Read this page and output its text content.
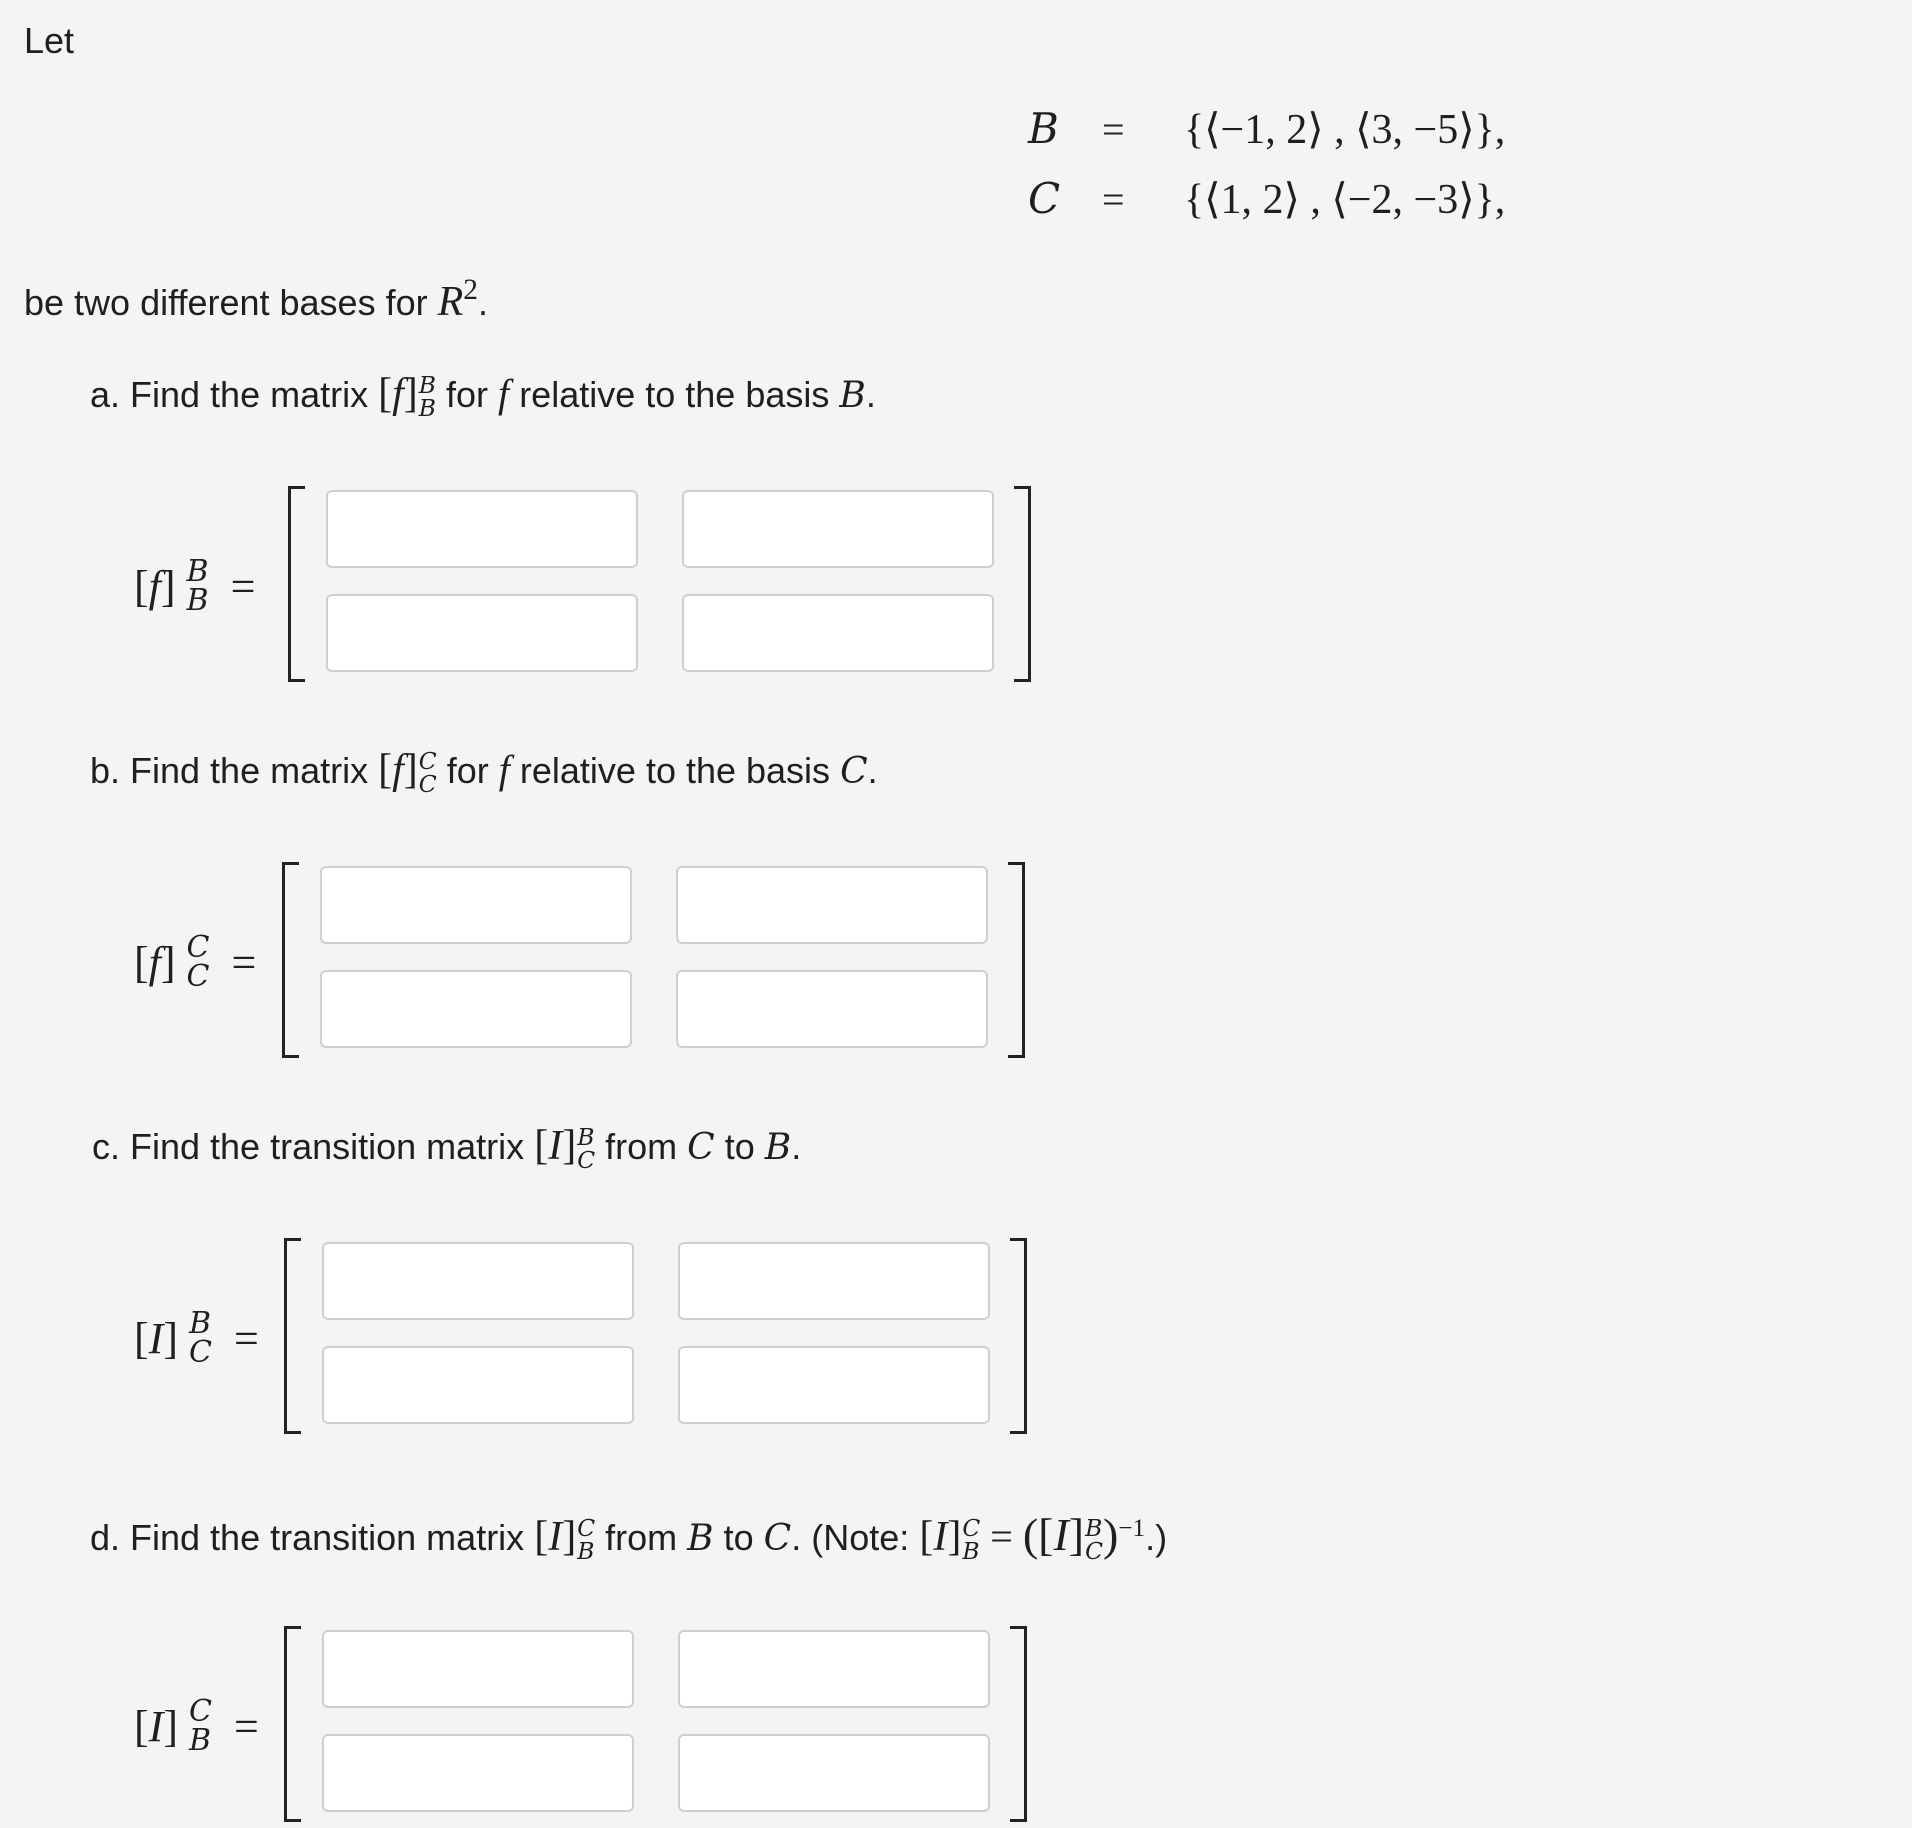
Let
B = {⟨−1, 2⟩ , ⟨3, −5⟩},
C = {⟨1, 2⟩ , ⟨−2, −3⟩},
be two different bases for $R^2$.
a. Find the matrix [f] B
B for f relative to the basis B.
[f] B
B =
b. Find the matrix [f] C
C for f relative to the basis C.
[f] C
C =
c. Find the transition matrix [I] B
C from C to B.
[I] B
C =
d. Find the transition matrix [I] C
B from B to C. (Note: [I] C
B = ([I] B
C )$^{-1}$.)
[I] C
B =
